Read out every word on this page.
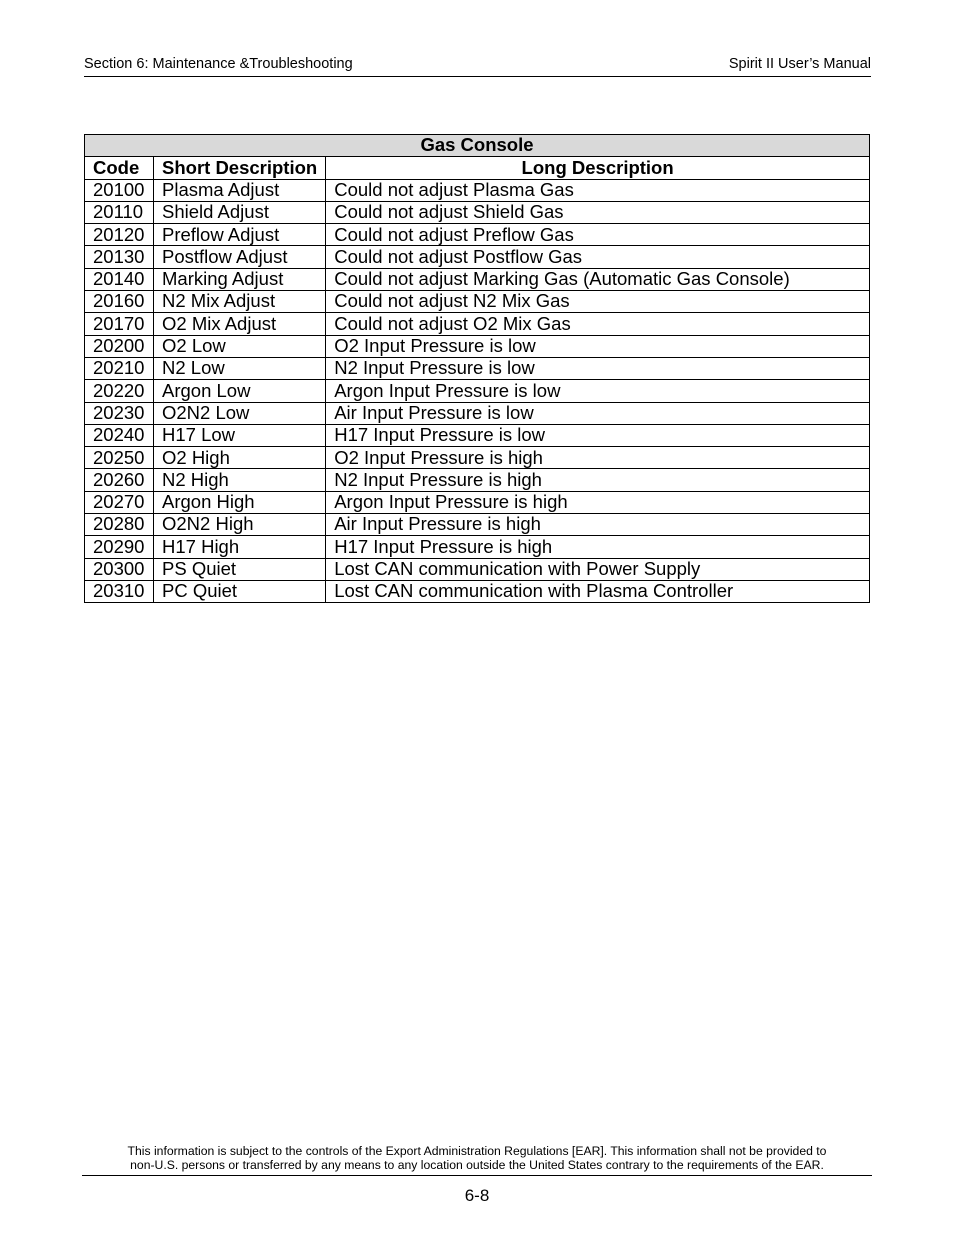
Section 6: Maintenance &Troubleshooting	Spirit II User’s Manual
Gas Console		
Code	Short Description	Long Description
20100	Plasma Adjust	Could not adjust Plasma Gas
20110	Shield Adjust	Could not adjust Shield Gas
20120	Preflow Adjust	Could not adjust Preflow Gas
20130	Postflow Adjust	Could not adjust Postflow Gas
20140	Marking Adjust	Could not adjust Marking Gas (Automatic Gas Console)
20160	N2 Mix Adjust	Could not adjust N2 Mix Gas
20170	O2 Mix Adjust	Could not adjust O2 Mix Gas
20200	O2 Low	O2 Input Pressure is low
20210	N2 Low	N2 Input Pressure is low
20220	Argon Low	Argon Input Pressure is low
20230	O2N2 Low	Air Input Pressure is low
20240	H17 Low	H17 Input Pressure is low
20250	O2 High	O2 Input Pressure is high
20260	N2 High	N2 Input Pressure is high
20270	Argon High	Argon Input Pressure is high
20280	O2N2 High	Air Input Pressure is high
20290	H17 High	H17 Input Pressure is high
20300	PS Quiet	Lost CAN communication with Power Supply
20310	PC Quiet	Lost CAN communication with Plasma Controller
This information is subject to the controls of the Export Administration Regulations [EAR]. This information shall not be provided to
non-U.S. persons or transferred by any means to any location outside the United States contrary to the requirements of the EAR.
6-8
